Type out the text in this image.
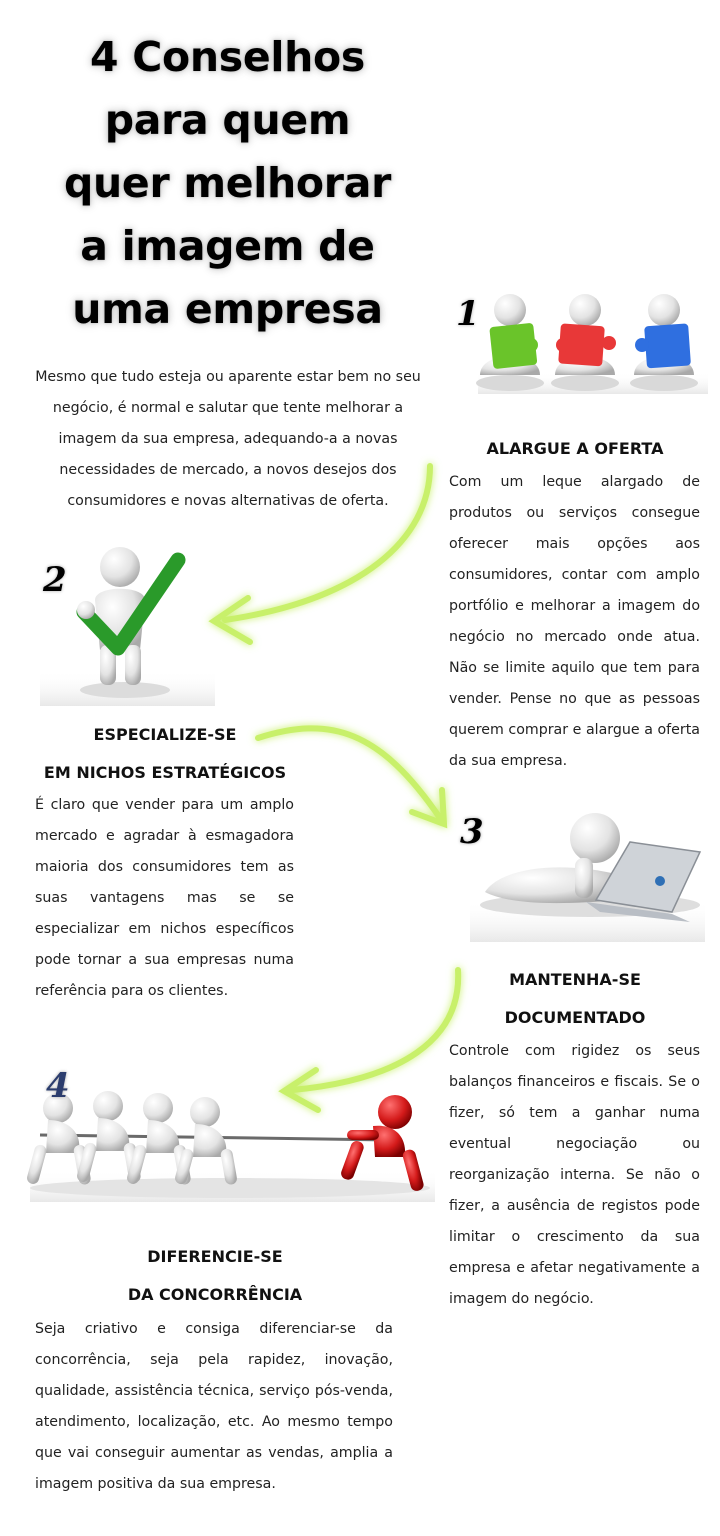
4 Conselhos
para quem
quer melhorar
a imagem de
uma empresa
Mesmo que tudo esteja ou aparente estar bem no seu negócio, é normal e salutar que tente melhorar a imagem da sua empresa, adequando-a a novas necessidades de mercado, a novos desejos dos consumidores e novas alternativas de oferta.
1
ALARGUE A OFERTA
Com um leque alargado de produtos ou serviços consegue oferecer mais opções aos consumidores, contar com amplo portfólio e melhorar a imagem do negócio no mercado onde atua. Não se limite aquilo que tem para vender. Pense no que as pessoas querem comprar e alargue a oferta da sua empresa.
2
ESPECIALIZE-SE
EM NICHOS ESTRATÉGICOS
É claro que vender para um amplo mercado e agradar à esmagadora maioria dos consumidores tem as suas vantagens mas se se especializar em nichos específicos pode tornar a sua empresas numa referência para os clientes.
3
MANTENHA-SE
DOCUMENTADO
Controle com rigidez os seus balanços financeiros e fiscais. Se o fizer, só tem a ganhar numa eventual negociação ou reorganização interna. Se não o fizer, a ausência de registos pode limitar o crescimento da sua empresa e afetar negativamente a imagem do negócio.
4
DIFERENCIE-SE
DA CONCORRÊNCIA
Seja criativo e consiga diferenciar-se da concorrência, seja pela rapidez, inovação, qualidade, assistência técnica, serviço pós-venda, atendimento, localização, etc. Ao mesmo tempo que vai conseguir aumentar as vendas, amplia a imagem positiva da sua empresa.
